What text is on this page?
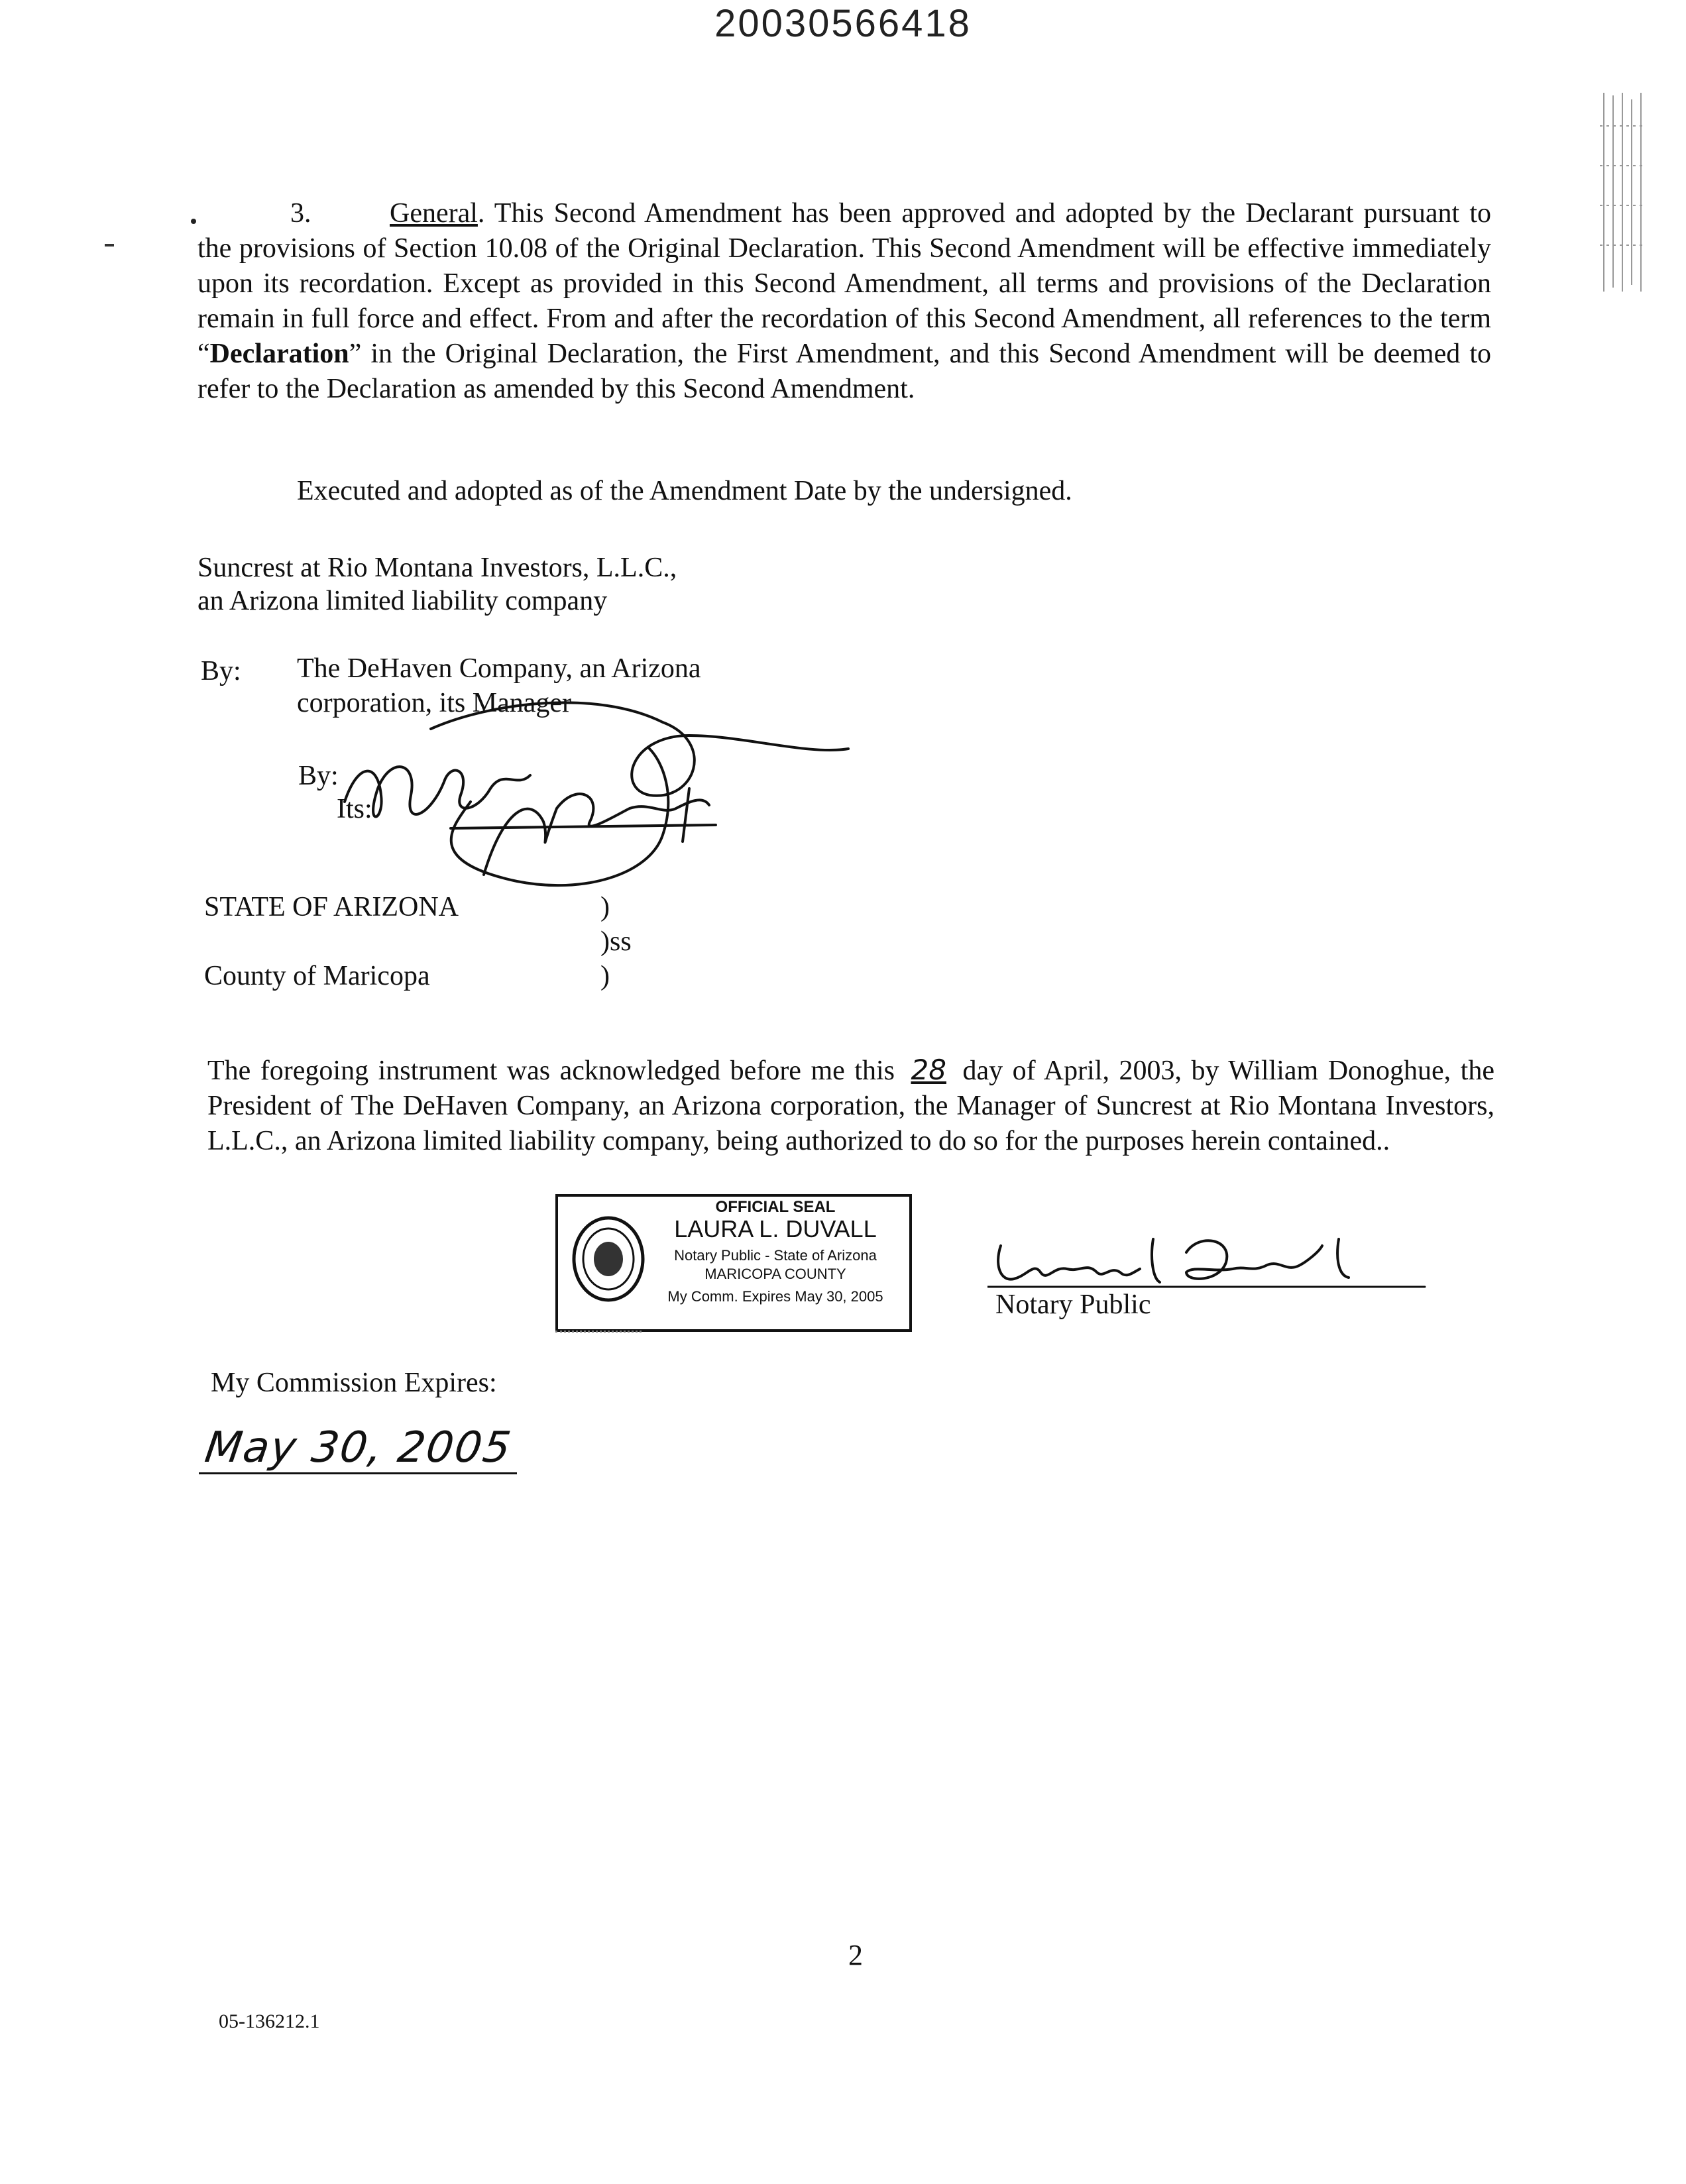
20030566418
3.	General. This Second Amendment has been approved and adopted by the Declarant pursuant to the provisions of Section 10.08 of the Original Declaration. This Second Amendment will be effective immediately upon its recordation. Except as provided in this Second Amendment, all terms and provisions of the Declaration remain in full force and effect. From and after the recordation of this Second Amendment, all references to the term “Declaration” in the Original Declaration, the First Amendment, and this Second Amendment will be deemed to refer to the Declaration as amended by this Second Amendment.
Executed and adopted as of the Amendment Date by the undersigned.
Suncrest at Rio Montana Investors, L.L.C.,
an Arizona limited liability company
By: The DeHaven Company, an Arizona
corporation, its Manager
By:
Its:
STATE OF ARIZONA	)
)ss
County of Maricopa	)
The foregoing instrument was acknowledged before me this 28 day of April, 2003, by William Donoghue, the President of The DeHaven Company, an Arizona corporation, the Manager of Suncrest at Rio Montana Investors, L.L.C., an Arizona limited liability company, being authorized to do so for the purposes herein contained..
OFFICIAL SEAL
LAURA L. DUVALL
Notary Public - State of Arizona
MARICOPA COUNTY
My Comm. Expires May 30, 2005	Notary Public
My Commission Expires:
May 30, 2005
2
05-136212.1
